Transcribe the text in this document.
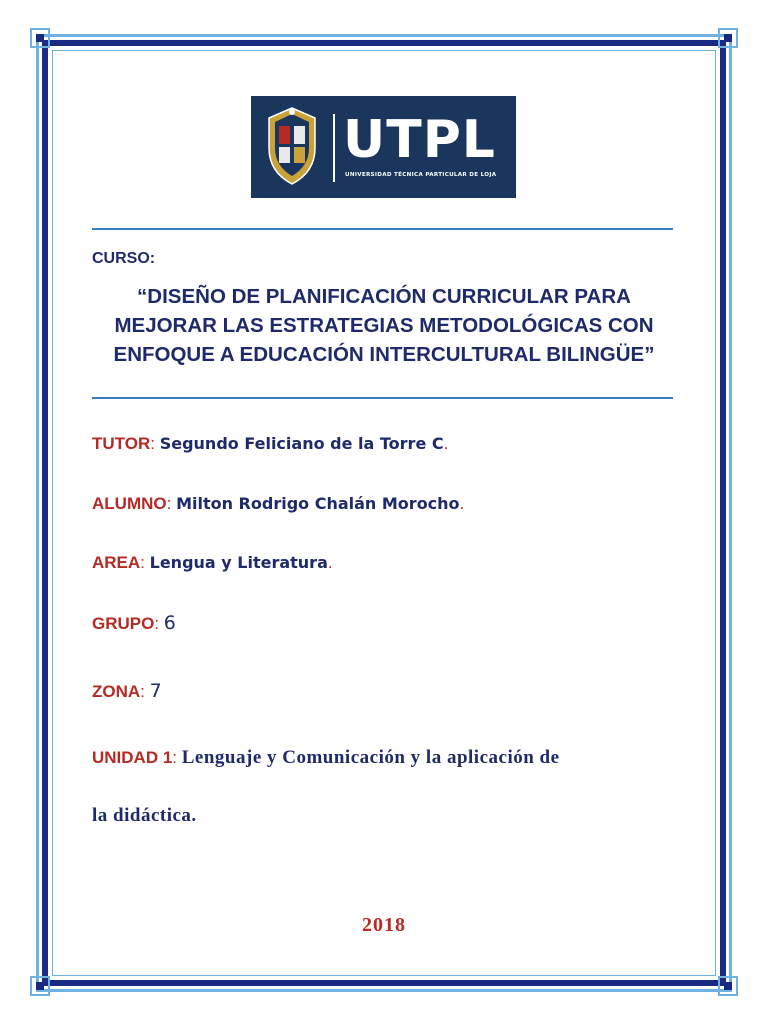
UTPL
UNIVERSIDAD TÉCNICA PARTICULAR DE LOJA
CURSO:
“DISEÑO DE PLANIFICACIÓN CURRICULAR PARA
MEJORAR LAS ESTRATEGIAS METODOLÓGICAS CON
ENFOQUE A EDUCACIÓN INTERCULTURAL BILINGÜE”
TUTOR: Segundo Feliciano de la Torre C.
ALUMNO: Milton Rodrigo Chalán Morocho.
AREA: Lengua y Literatura.
GRUPO: 6
ZONA: 7
UNIDAD 1: Lenguaje y Comunicación y la aplicación de
la didáctica.
2018
